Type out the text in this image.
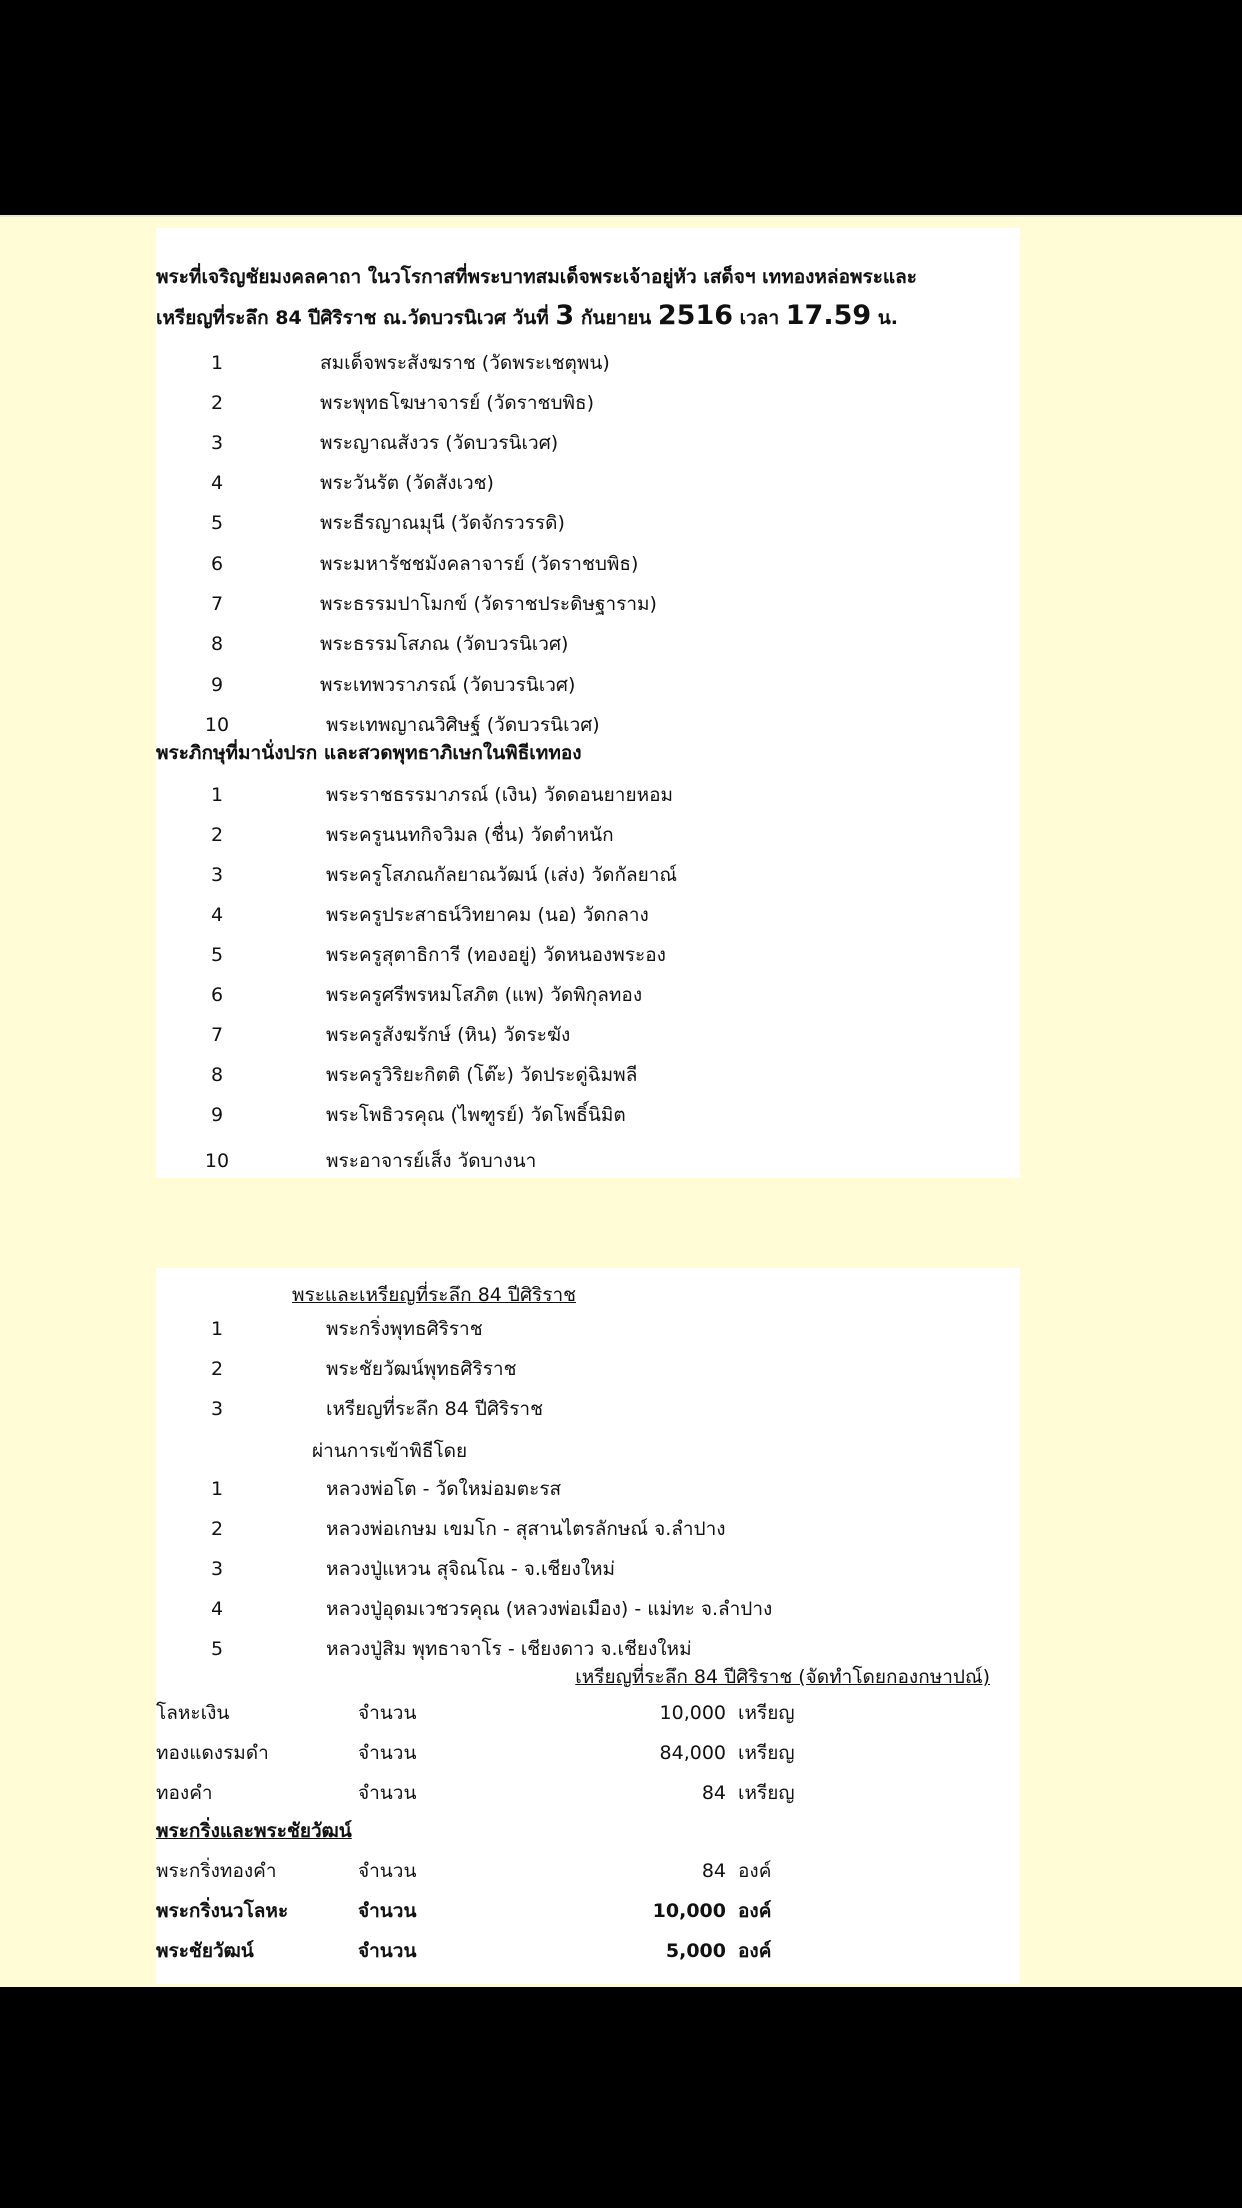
พระที่เจริญชัยมงคลคาถา ในวโรกาสที่พระบาทสมเด็จพระเจ้าอยู่หัว เสด็จฯ เททองหล่อพระและ
เหรียญที่ระลึก 84 ปีศิริราช ณ.วัดบวรนิเวศ วันที่ 3 กันยายน 2516 เวลา 17.59 น.
1	สมเด็จพระสังฆราช (วัดพระเชตุพน)
2	พระพุทธโฆษาจารย์ (วัดราชบพิธ)
3	พระญาณสังวร (วัดบวรนิเวศ)
4	พระวันรัต (วัดสังเวช)
5	พระธีรญาณมุนี (วัดจักรวรรดิ)
6	พระมหารัชชมังคลาจารย์ (วัดราชบพิธ)
7	พระธรรมปาโมกข์ (วัดราชประดิษฐาราม)
8	พระธรรมโสภณ (วัดบวรนิเวศ)
9	พระเทพวราภรณ์ (วัดบวรนิเวศ)
10	พระเทพญาณวิศิษฐ์ (วัดบวรนิเวศ)
พระภิกษุที่มานั่งปรก และสวดพุทธาภิเษกในพิธีเททอง
1	พระราชธรรมาภรณ์ (เงิน) วัดดอนยายหอม
2	พระครูนนทกิจวิมล (ชื่น) วัดตำหนัก
3	พระครูโสภณกัลยาณวัฒน์ (เส่ง) วัดกัลยาณ์
4	พระครูประสาธน์วิทยาคม (นอ) วัดกลาง
5	พระครูสุตาธิการี (ทองอยู่) วัดหนองพระอง
6	พระครูศรีพรหมโสภิต (แพ) วัดพิกุลทอง
7	พระครูสังฆรักษ์ (หิน) วัดระฆัง
8	พระครูวิริยะกิตติ (โต๊ะ) วัดประดู่ฉิมพลี
9	พระโพธิวรคุณ (ไพฑูรย์) วัดโพธิ์นิมิต
10	พระอาจารย์เส็ง วัดบางนา
พระและเหรียญที่ระลึก 84 ปีศิริราช
1	พระกริ่งพุทธศิริราช
2	พระชัยวัฒน์พุทธศิริราช
3	เหรียญที่ระลึก 84 ปีศิริราช
ผ่านการเข้าพิธีโดย
1	หลวงพ่อโต - วัดใหม่อมตะรส
2	หลวงพ่อเกษม เขมโก - สุสานไตรลักษณ์ จ.ลำปาง
3	หลวงปู่แหวน สุจิณโณ - จ.เชียงใหม่
4	หลวงปู่อุดมเวชวรคุณ (หลวงพ่อเมือง) - แม่ทะ จ.ลำปาง
5	หลวงปู่สิม พุทธาจาโร - เชียงดาว จ.เชียงใหม่
เหรียญที่ระลึก 84 ปีศิริราช (จัดทำโดยกองกษาปณ์)
โลหะเงิน	จำนวน	10,000 เหรียญ
ทองแดงรมดำ	จำนวน	84,000 เหรียญ
ทองคำ	จำนวน	84 เหรียญ
พระกริ่งและพระชัยวัฒน์
พระกริ่งทองคำ	จำนวน	84 องค์
พระกริ่งนวโลหะ	จำนวน	10,000 องค์
พระชัยวัฒน์	จำนวน	5,000 องค์
